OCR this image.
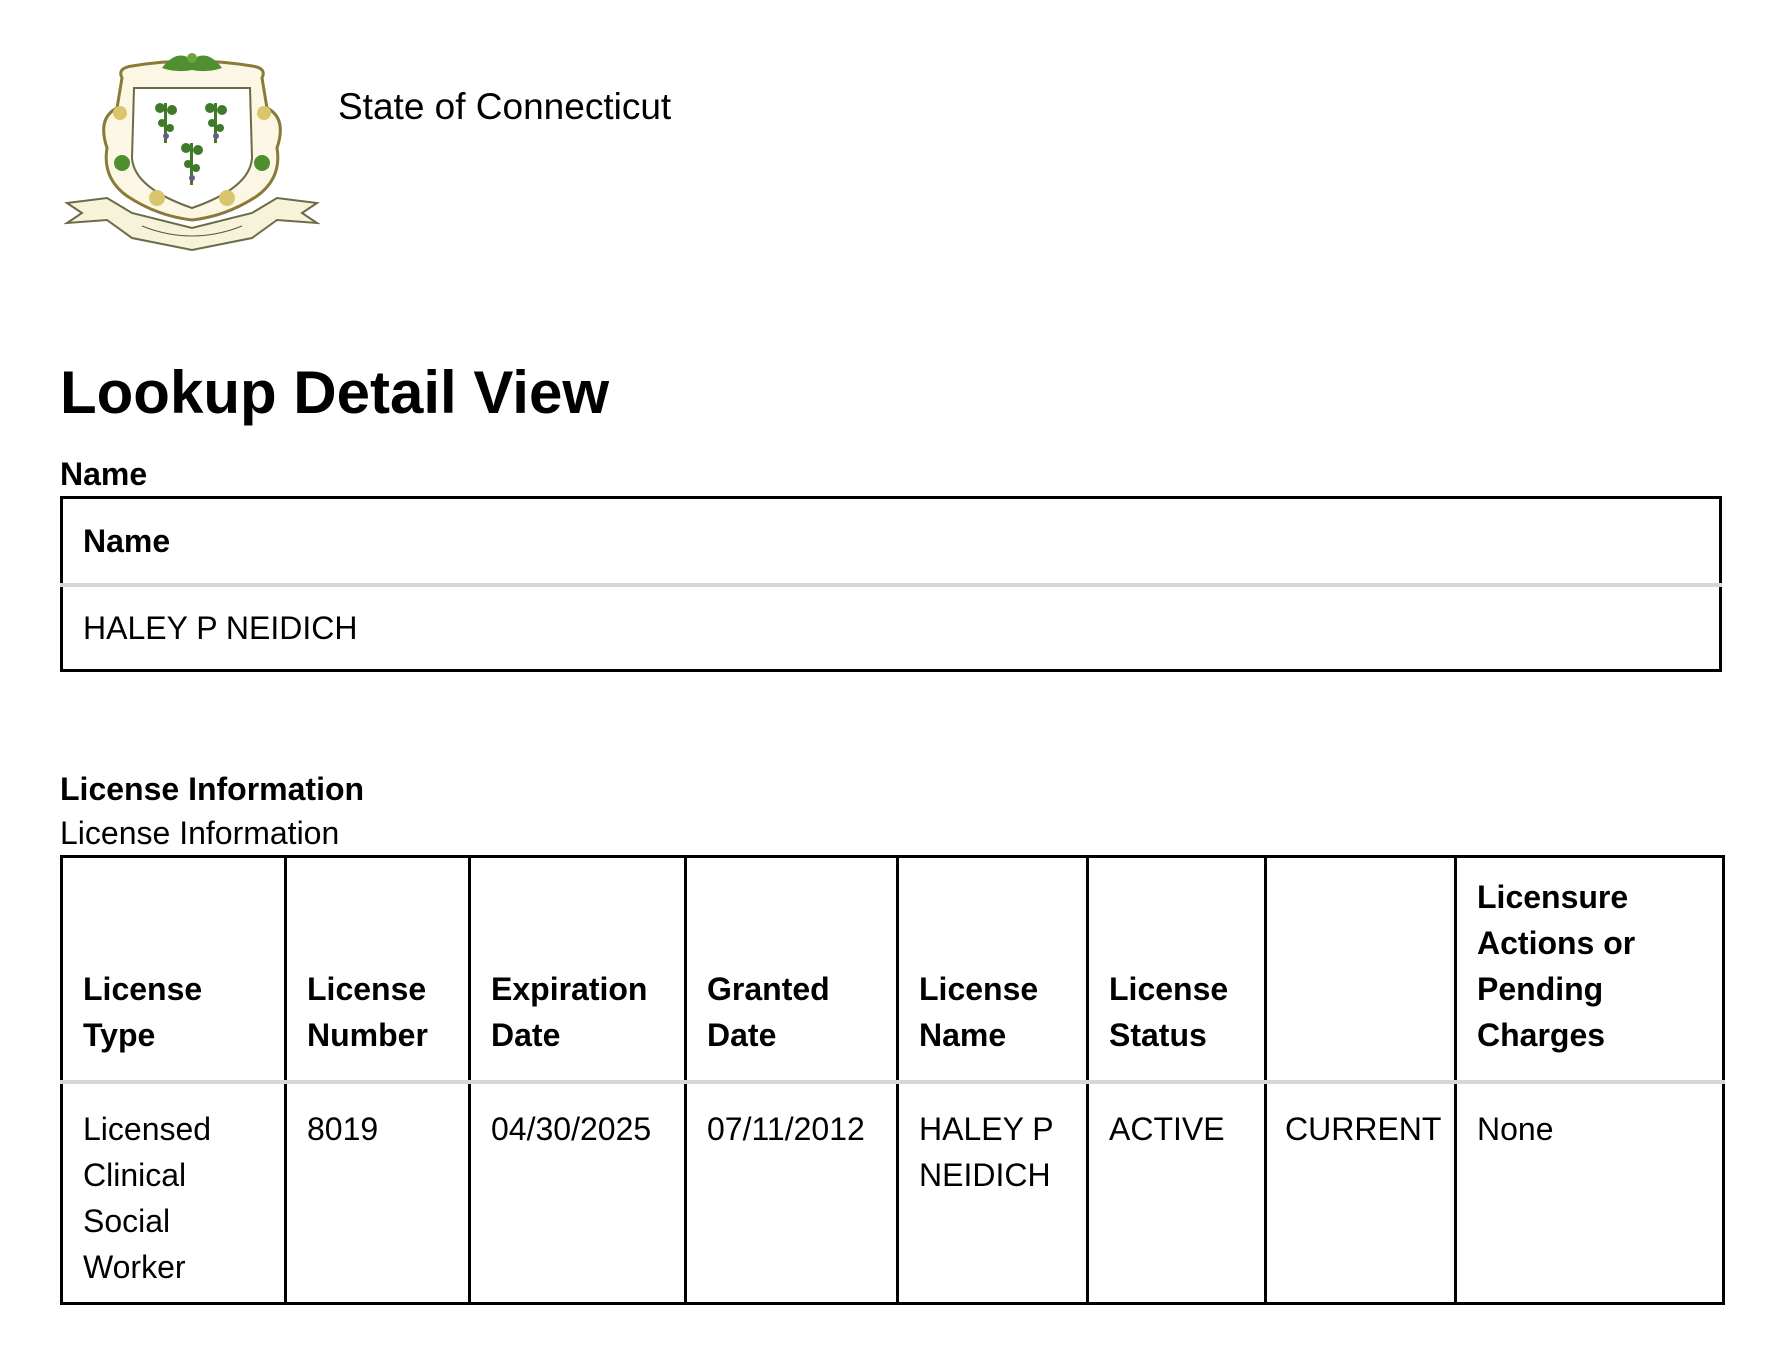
State of Connecticut
Lookup Detail View
Name
Name
HALEY P NEIDICH
License Information
License Information
License Type	License Number	Expiration Date	Granted Date	License Name	License Status		Licensure Actions or Pending Charges
Licensed Clinical Social Worker	8019	04/30/2025	07/11/2012	HALEY P NEIDICH	ACTIVE	CURRENT	None
